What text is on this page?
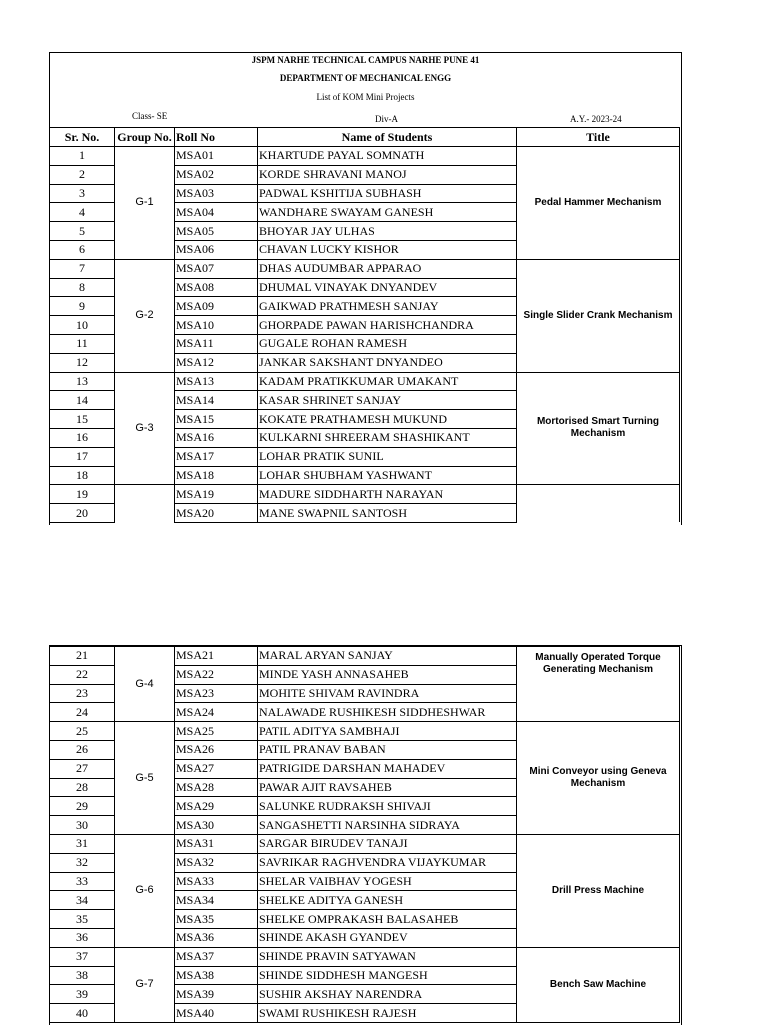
JSPM NARHE TECHNICAL CAMPUS NARHE PUNE 41
DEPARTMENT OF MECHANICAL ENGG
List of KOM Mini Projects
Class- SE	Div-A	A.Y.- 2023-24
Sr. No.	Group No.	Roll No	Name of Students	Title
1	G-1	MSA01	KHARTUDE PAYAL SOMNATH	Pedal Hammer Mechanism
2		MSA02	KORDE SHRAVANI MANOJ	
3		MSA03	PADWAL KSHITIJA SUBHASH	
4		MSA04	WANDHARE SWAYAM GANESH	
5		MSA05	BHOYAR JAY ULHAS	
6		MSA06	CHAVAN LUCKY KISHOR	
7	G-2	MSA07	DHAS AUDUMBAR APPARAO	Single Slider Crank Mechanism
8		MSA08	DHUMAL VINAYAK DNYANDEV	
9		MSA09	GAIKWAD PRATHMESH SANJAY	
10		MSA10	GHORPADE PAWAN HARISHCHANDRA	
11		MSA11	GUGALE ROHAN RAMESH	
12		MSA12	JANKAR SAKSHANT DNYANDEO	
13	G-3	MSA13	KADAM PRATIKKUMAR UMAKANT	Mortorised Smart Turning Mechanism
14		MSA14	KASAR SHRINET SANJAY	
15		MSA15	KOKATE PRATHAMESH MUKUND	
16		MSA16	KULKARNI SHREERAM SHASHIKANT	
17		MSA17	LOHAR PRATIK SUNIL	
18		MSA18	LOHAR SHUBHAM YASHWANT	
19		MSA19	MADURE SIDDHARTH NARAYAN	
20		MSA20	MANE SWAPNIL SANTOSH	
21	G-4	MSA21	MARAL ARYAN SANJAY	Manually Operated Torque Generating Mechanism
22		MSA22	MINDE YASH ANNASAHEB	
23		MSA23	MOHITE SHIVAM RAVINDRA	
24		MSA24	NALAWADE RUSHIKESH SIDDHESHWAR	
25	G-5	MSA25	PATIL ADITYA SAMBHAJI	Mini Conveyor using Geneva Mechanism
26		MSA26	PATIL PRANAV BABAN	
27		MSA27	PATRIGIDE DARSHAN MAHADEV	
28		MSA28	PAWAR AJIT RAVSAHEB	
29		MSA29	SALUNKE RUDRAKSH SHIVAJI	
30		MSA30	SANGASHETTI NARSINHA SIDRAYA	
31	G-6	MSA31	SARGAR BIRUDEV TANAJI	Drill Press Machine
32		MSA32	SAVRIKAR RAGHVENDRA VIJAYKUMAR	
33		MSA33	SHELAR VAIBHAV YOGESH	
34		MSA34	SHELKE ADITYA GANESH	
35		MSA35	SHELKE OMPRAKASH BALASAHEB	
36		MSA36	SHINDE AKASH GYANDEV	
37	G-7	MSA37	SHINDE PRAVIN SATYAWAN	Bench Saw Machine
38		MSA38	SHINDE SIDDHESH MANGESH	
39		MSA39	SUSHIR AKSHAY NARENDRA	
40		MSA40	SWAMI RUSHIKESH RAJESH	
